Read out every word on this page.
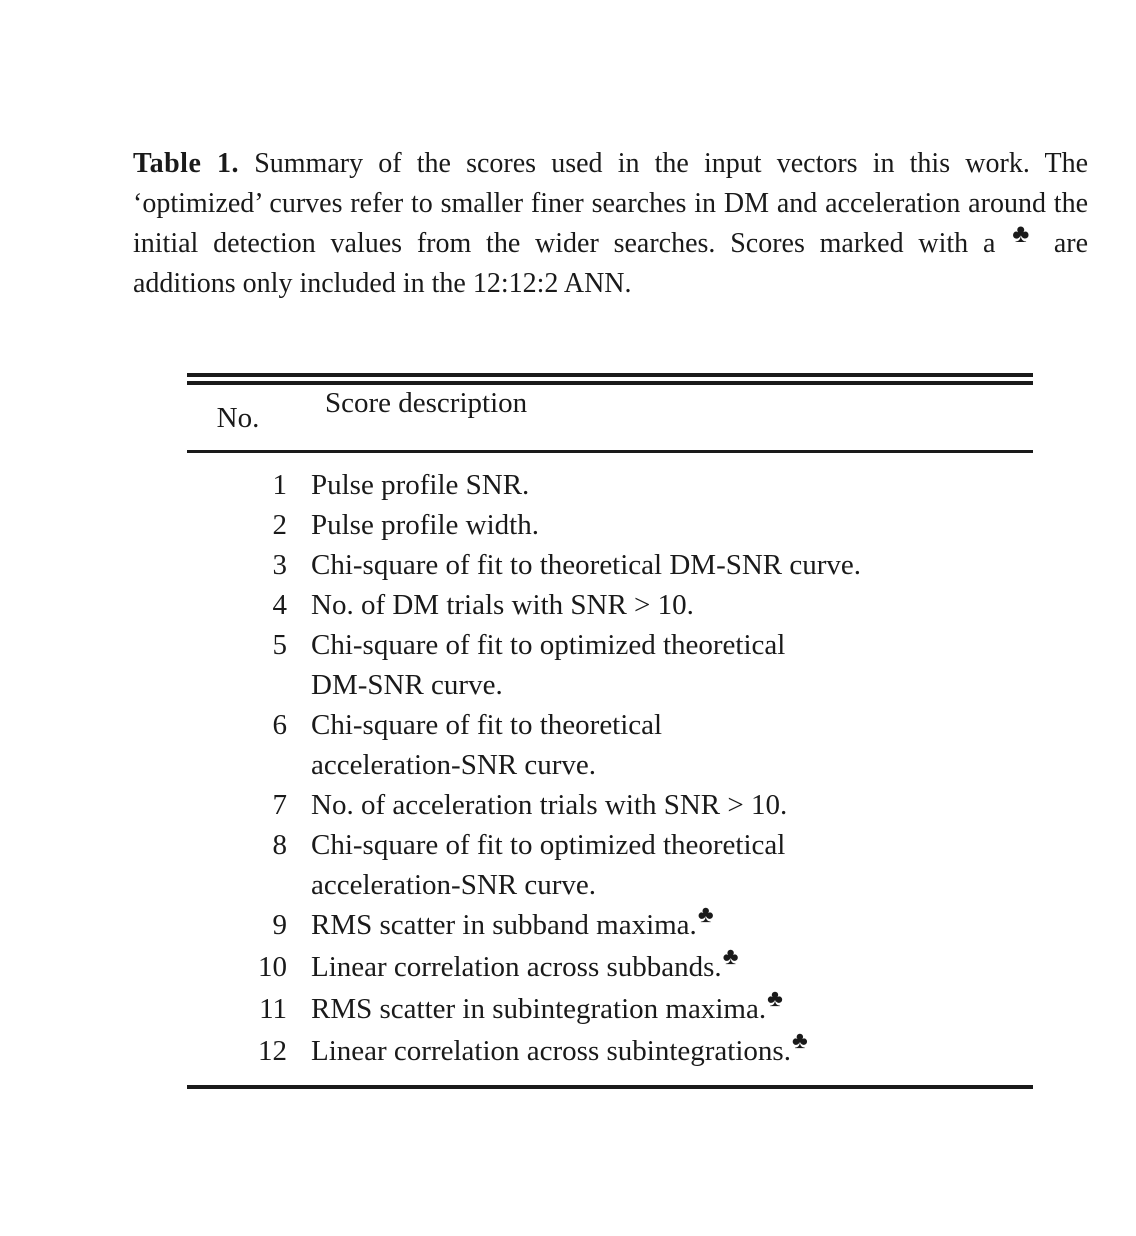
Table 1. Summary of the scores used in the input vectors in this work. The ‘optimized’ curves refer to smaller finer searches in DM and acceleration around the initial detection values from the wider searches. Scores marked with a ♣ are additions only included in the 12:12:2 ANN.
No.	Score description
1	Pulse profile SNR.
2	Pulse profile width.
3	Chi-square of fit to theoretical DM-SNR curve.
4	No. of DM trials with SNR > 10.
5	Chi-square of fit to optimized theoretical
DM-SNR curve.
6	Chi-square of fit to theoretical
acceleration-SNR curve.
7	No. of acceleration trials with SNR > 10.
8	Chi-square of fit to optimized theoretical
acceleration-SNR curve.
9	RMS scatter in subband maxima.♣
10	Linear correlation across subbands.♣
11	RMS scatter in subintegration maxima.♣
12	Linear correlation across subintegrations.♣
